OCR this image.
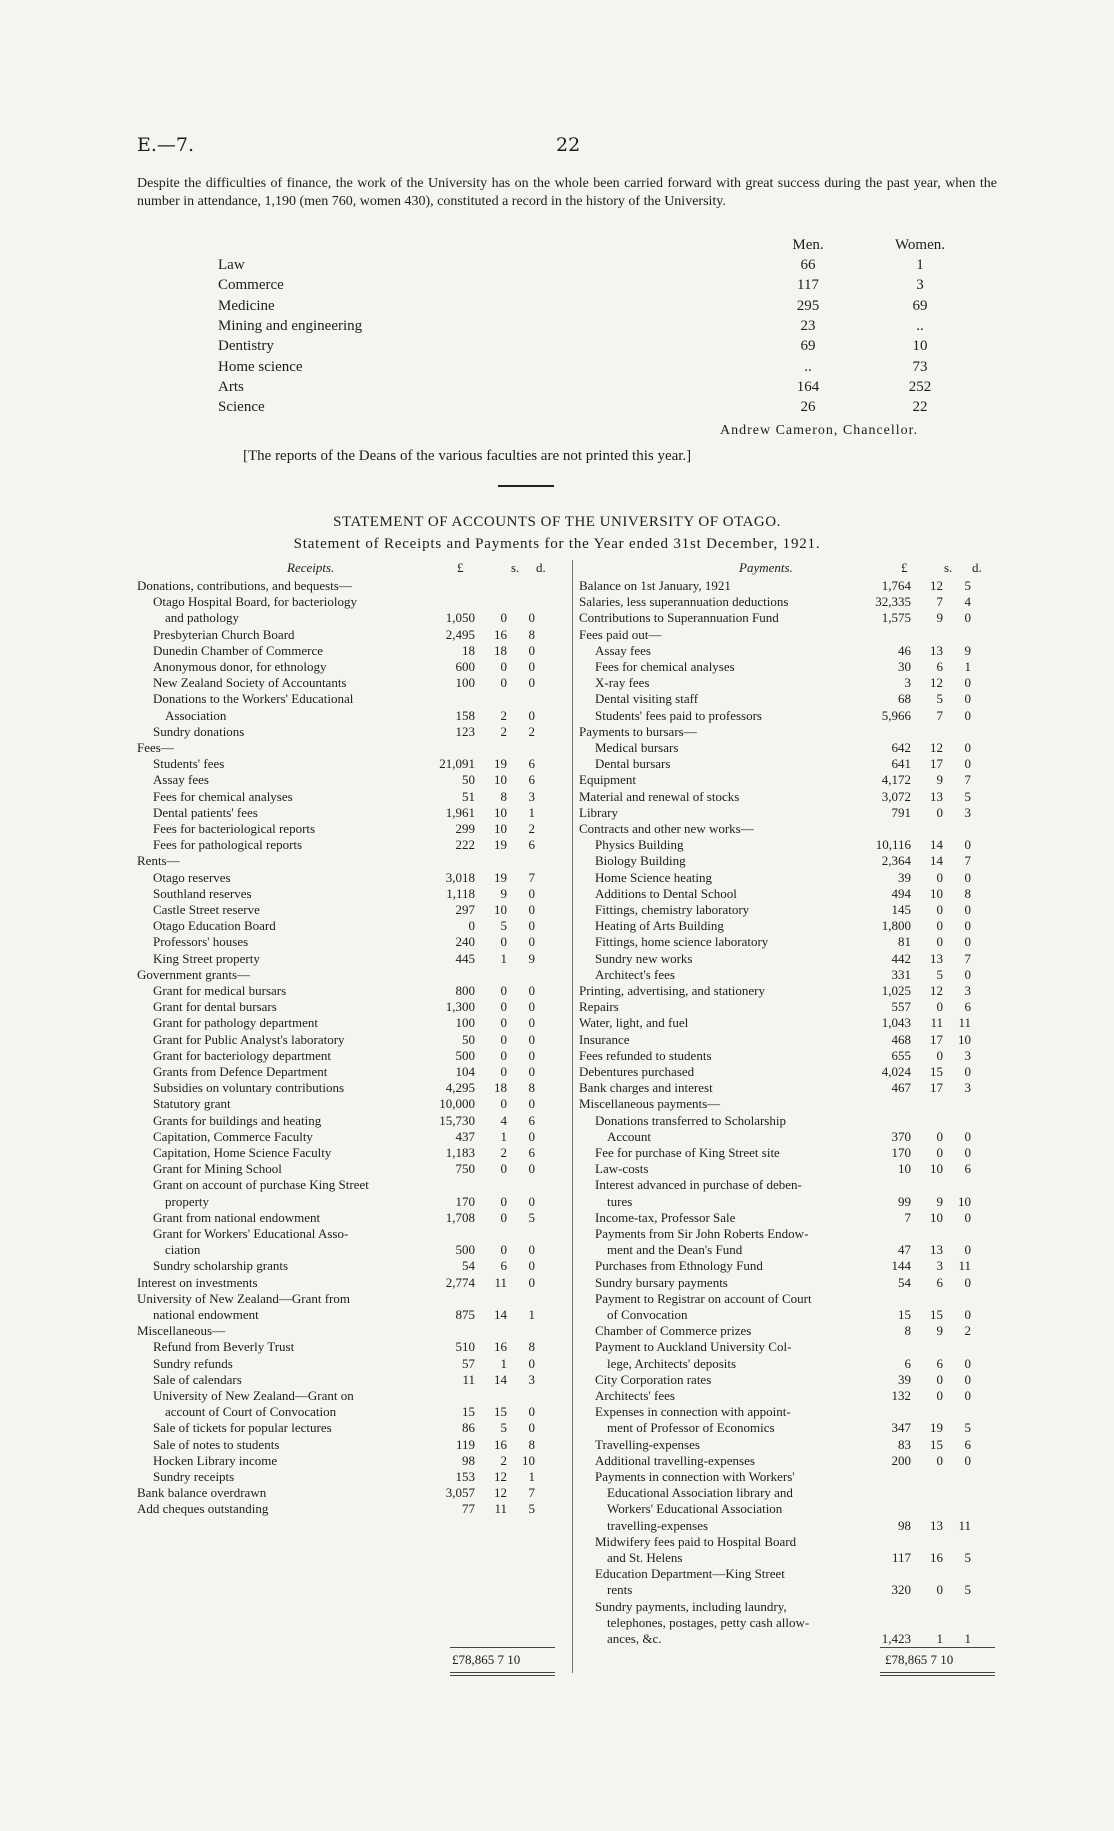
E.—7.	22
Despite the difficulties of finance, the work of the University has on the whole been carried forward with great success during the past year, when the number in attendance, 1,190 (men 760, women 430), constituted a record in the history of the University.
Men.	Women.
Law	66	1
Commerce	117	3
Medicine	295	69
Mining and engineering	23	..
Dentistry	69	10
Home science	..	73
Arts	164	252
Science	26	22
Andrew Cameron, Chancellor.
[The reports of the Deans of the various faculties are not printed this year.]
STATEMENT OF ACCOUNTS OF THE UNIVERSITY OF OTAGO.
Statement of Receipts and Payments for the Year ended 31st December, 1921.
Receipts.	£	s. d.
Donations, contributions, and bequests—
Otago Hospital Board, for bacteriology
and pathology	1,050	0	0
Presbyterian Church Board	2,495	16	8
Dunedin Chamber of Commerce	18	18	0
Anonymous donor, for ethnology	600	0	0
New Zealand Society of Accountants	100	0	0
Donations to the Workers' Educational
Association	158	2	0
Sundry donations	123	2	2
Fees—
Students' fees	21,091	19	6
Assay fees	50	10	6
Fees for chemical analyses	51	8	3
Dental patients' fees	1,961	10	1
Fees for bacteriological reports	299	10	2
Fees for pathological reports	222	19	6
Rents—
Otago reserves	3,018	19	7
Southland reserves	1,118	9	0
Castle Street reserve	297	10	0
Otago Education Board	0	5	0
Professors' houses	240	0	0
King Street property	445	1	9
Government grants—
Grant for medical bursars	800	0	0
Grant for dental bursars	1,300	0	0
Grant for pathology department	100	0	0
Grant for Public Analyst's laboratory	50	0	0
Grant for bacteriology department	500	0	0
Grants from Defence Department	104	0	0
Subsidies on voluntary contributions	4,295	18	8
Statutory grant	10,000	0	0
Grants for buildings and heating	15,730	4	6
Capitation, Commerce Faculty	437	1	0
Capitation, Home Science Faculty	1,183	2	6
Grant for Mining School	750	0	0
Grant on account of purchase King Street
property	170	0	0
Grant from national endowment	1,708	0	5
Grant for Workers' Educational Asso-
ciation	500	0	0
Sundry scholarship grants	54	6	0
Interest on investments	2,774	11	0
University of New Zealand—Grant from
national endowment	875	14	1
Miscellaneous—
Refund from Beverly Trust	510	16	8
Sundry refunds	57	1	0
Sale of calendars	11	14	3
University of New Zealand—Grant on
account of Court of Convocation	15	15	0
Sale of tickets for popular lectures	86	5	0
Sale of notes to students	119	16	8
Hocken Library income	98	2	10
Sundry receipts	153	12	1
Bank balance overdrawn	3,057	12	7
Add cheques outstanding	77	11	5
Payments.	£	s. d.
Balance on 1st January, 1921	1,764	12	5
Salaries, less superannuation deductions	32,335	7	4
Contributions to Superannuation Fund	1,575	9	0
Fees paid out—
Assay fees	46	13	9
Fees for chemical analyses	30	6	1
X-ray fees	3	12	0
Dental visiting staff	68	5	0
Students' fees paid to professors	5,966	7	0
Payments to bursars—
Medical bursars	642	12	0
Dental bursars	641	17	0
Equipment	4,172	9	7
Material and renewal of stocks	3,072	13	5
Library	791	0	3
Contracts and other new works—
Physics Building	10,116	14	0
Biology Building	2,364	14	7
Home Science heating	39	0	0
Additions to Dental School	494	10	8
Fittings, chemistry laboratory	145	0	0
Heating of Arts Building	1,800	0	0
Fittings, home science laboratory	81	0	0
Sundry new works	442	13	7
Architect's fees	331	5	0
Printing, advertising, and stationery	1,025	12	3
Repairs	557	0	6
Water, light, and fuel	1,043	11	11
Insurance	468	17	10
Fees refunded to students	655	0	3
Debentures purchased	4,024	15	0
Bank charges and interest	467	17	3
Miscellaneous payments—
Donations transferred to Scholarship
Account	370	0	0
Fee for purchase of King Street site	170	0	0
Law-costs	10	10	6
Interest advanced in purchase of deben-
tures	99	9	10
Income-tax, Professor Sale	7	10	0
Payments from Sir John Roberts Endow-
ment and the Dean's Fund	47	13	0
Purchases from Ethnology Fund	144	3	11
Sundry bursary payments	54	6	0
Payment to Registrar on account of Court
of Convocation	15	15	0
Chamber of Commerce prizes	8	9	2
Payment to Auckland University Col-
lege, Architects' deposits	6	6	0
City Corporation rates	39	0	0
Architects' fees	132	0	0
Expenses in connection with appoint-
ment of Professor of Economics	347	19	5
Travelling-expenses	83	15	6
Additional travelling-expenses	200	0	0
Payments in connection with Workers'
Educational Association library and
Workers' Educational Association
travelling-expenses	98	13	11
Midwifery fees paid to Hospital Board
and St. Helens	117	16	5
Education Department—King Street
rents	320	0	5
Sundry payments, including laundry,
telephones, postages, petty cash allow-
ances, &c.	1,423	1	1
£78,865 7 10	£78,865 7 10
